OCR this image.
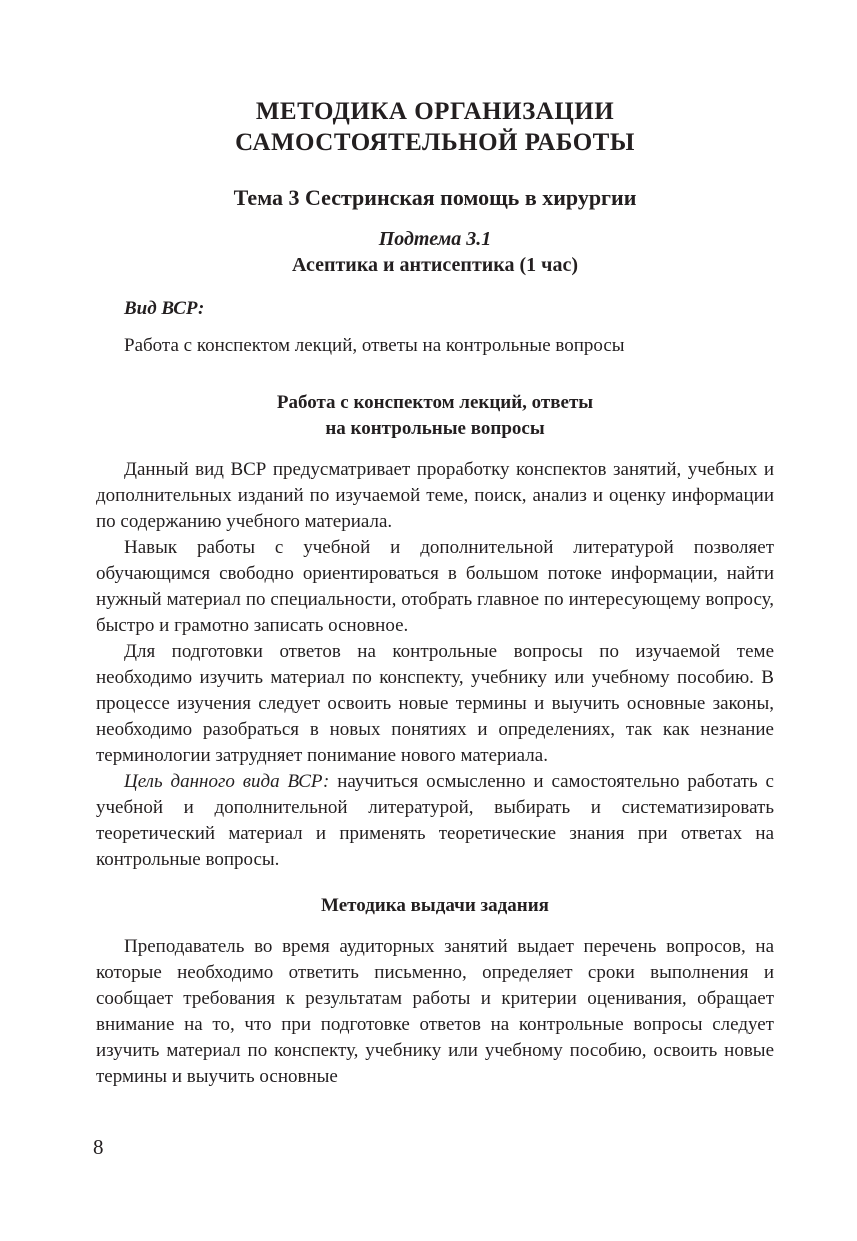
МЕТОДИКА ОРГАНИЗАЦИИ
САМОСТОЯТЕЛЬНОЙ РАБОТЫ
Тема 3 Сестринская помощь в хирургии
Подтема 3.1
Асептика и антисептика (1 час)
Вид ВСР:
Работа с конспектом лекций, ответы на контрольные вопросы
Работа с конспектом лекций, ответы
на контрольные вопросы

Данный вид ВСР предусматривает проработку конспектов занятий, учебных и дополнительных изданий по изучаемой теме, поиск, анализ и оценку информации по содержанию учебного материала.

Навык работы с учебной и дополнительной литературой позволяет обучающимся свободно ориентироваться в большом потоке информации, найти нужный материал по специальности, отобрать главное по интересующему вопросу, быстро и грамотно записать основное.

Для подготовки ответов на контрольные вопросы по изучаемой теме необходимо изучить материал по конспекту, учебнику или учебному пособию. В процессе изучения следует освоить новые термины и выучить основные законы, необходимо разобраться в новых понятиях и определениях, так как незнание терминологии затрудняет понимание нового материала.

Цель данного вида ВСР: научиться осмысленно и самостоятельно работать с учебной и дополнительной литературой, выбирать и систематизировать теоретический материал и применять теоретические знания при ответах на контрольные вопросы.

Методика выдачи задания

Преподаватель во время аудиторных занятий выдает перечень вопросов, на которые необходимо ответить письменно, определяет сроки выполнения и сообщает требования к результатам работы и критерии оценивания, обращает внимание на то, что при подготовке ответов на контрольные вопросы следует изучить материал по конспекту, учебнику или учебному пособию, освоить новые термины и выучить основные

8
